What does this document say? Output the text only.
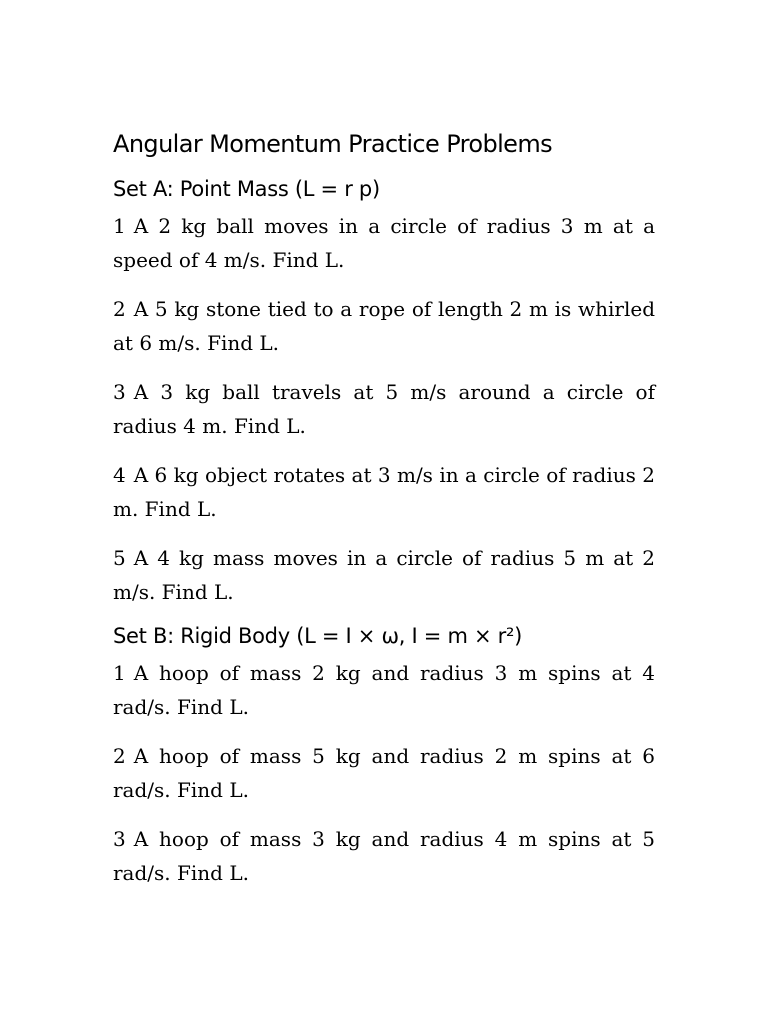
Angular Momentum Practice Problems
Set A: Point Mass (L = r p)
1 A 2 kg ball moves in a circle of radius 3 m at a speed of 4 m/s. Find L.
2 A 5 kg stone tied to a rope of length 2 m is whirled at 6 m/s. Find L.
3 A 3 kg ball travels at 5 m/s around a circle of radius 4 m. Find L.
4 A 6 kg object rotates at 3 m/s in a circle of radius 2 m. Find L.
5 A 4 kg mass moves in a circle of radius 5 m at 2 m/s. Find L.
Set B: Rigid Body (L = I × ω, I = m × r²)
1 A hoop of mass 2 kg and radius 3 m spins at 4 rad/s. Find L.
2 A hoop of mass 5 kg and radius 2 m spins at 6 rad/s. Find L.
3 A hoop of mass 3 kg and radius 4 m spins at 5 rad/s. Find L.
